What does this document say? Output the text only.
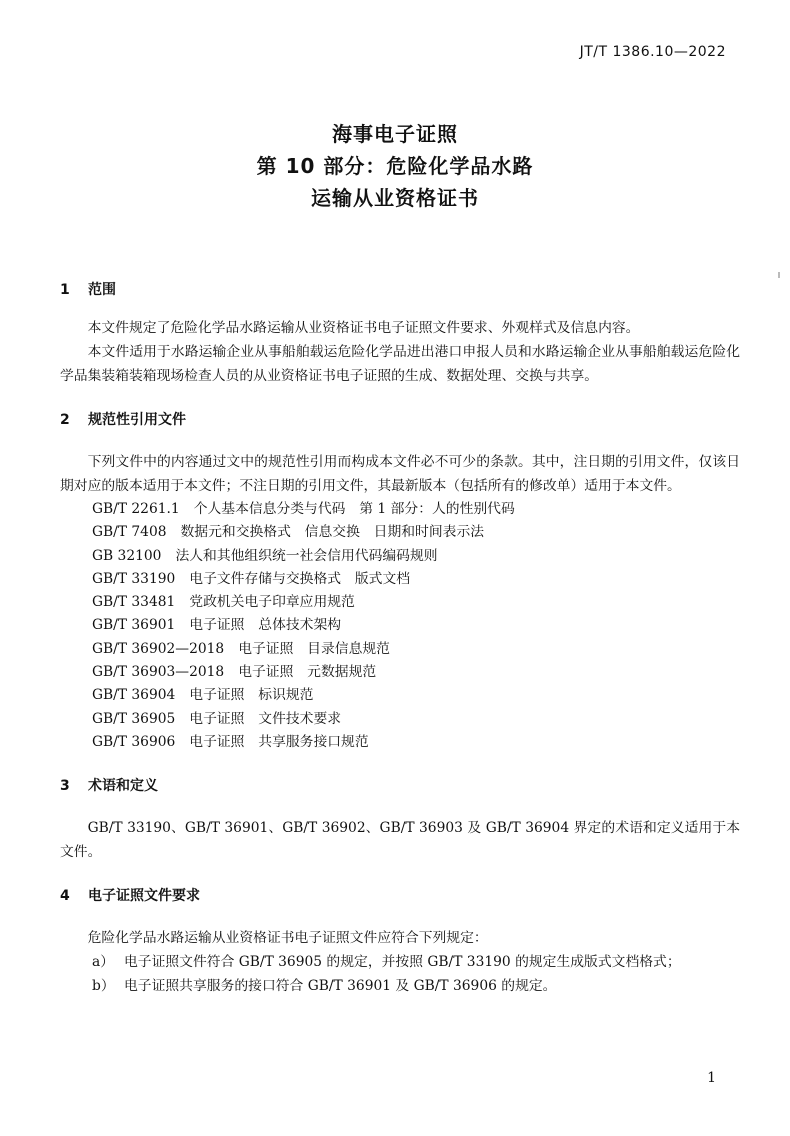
JT/T 1386.10—2022
海事电子证照
第 10 部分：危险化学品水路
运输从业资格证书
1 范围
本文件规定了危险化学品水路运输从业资格证书电子证照文件要求、外观样式及信息内容。
本文件适用于水路运输企业从事船舶载运危险化学品进出港口申报人员和水路运输企业从事船舶载运危险化学品集装箱装箱现场检查人员的从业资格证书电子证照的生成、数据处理、交换与共享。
2 规范性引用文件
下列文件中的内容通过文中的规范性引用而构成本文件必不可少的条款。其中，注日期的引用文件，仅该日期对应的版本适用于本文件；不注日期的引用文件，其最新版本（包括所有的修改单）适用于本文件。
GB/T 2261.1 个人基本信息分类与代码　第 1 部分：人的性别代码
GB/T 7408 数据元和交换格式　信息交换　日期和时间表示法
GB 32100 法人和其他组织统一社会信用代码编码规则
GB/T 33190 电子文件存储与交换格式　版式文档
GB/T 33481 党政机关电子印章应用规范
GB/T 36901 电子证照　总体技术架构
GB/T 36902—2018 电子证照　目录信息规范
GB/T 36903—2018 电子证照　元数据规范
GB/T 36904 电子证照　标识规范
GB/T 36905 电子证照　文件技术要求
GB/T 36906 电子证照　共享服务接口规范
3 术语和定义
GB/T 33190、GB/T 36901、GB/T 36902、GB/T 36903 及 GB/T 36904 界定的术语和定义适用于本文件。
4 电子证照文件要求
危险化学品水路运输从业资格证书电子证照文件应符合下列规定：
a） 电子证照文件符合 GB/T 36905 的规定，并按照 GB/T 33190 的规定生成版式文档格式；
b） 电子证照共享服务的接口符合 GB/T 36901 及 GB/T 36906 的规定。
1
